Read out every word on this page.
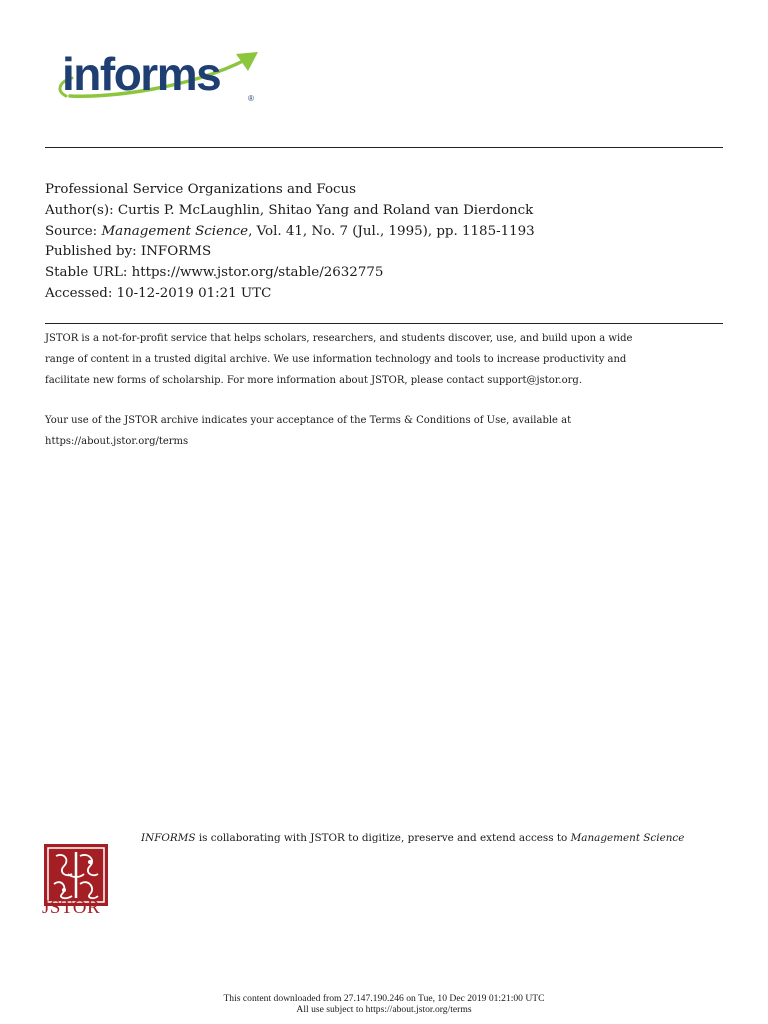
informs	®
Professional Service Organizations and Focus
Author(s): Curtis P. McLaughlin, Shitao Yang and Roland van Dierdonck
Source: Management Science, Vol. 41, No. 7 (Jul., 1995), pp. 1185-1193
Published by: INFORMS
Stable URL: https://www.jstor.org/stable/2632775
Accessed: 10-12-2019 01:21 UTC
JSTOR is a not-for-profit service that helps scholars, researchers, and students discover, use, and build upon a wide
range of content in a trusted digital archive. We use information technology and tools to increase productivity and
facilitate new forms of scholarship. For more information about JSTOR, please contact support@jstor.org.
Your use of the JSTOR archive indicates your acceptance of the Terms & Conditions of Use, available at
https://about.jstor.org/terms
JSTOR
INFORMS is collaborating with JSTOR to digitize, preserve and extend access to Management Science
This content downloaded from 27.147.190.246 on Tue, 10 Dec 2019 01:21:00 UTC
All use subject to https://about.jstor.org/terms
